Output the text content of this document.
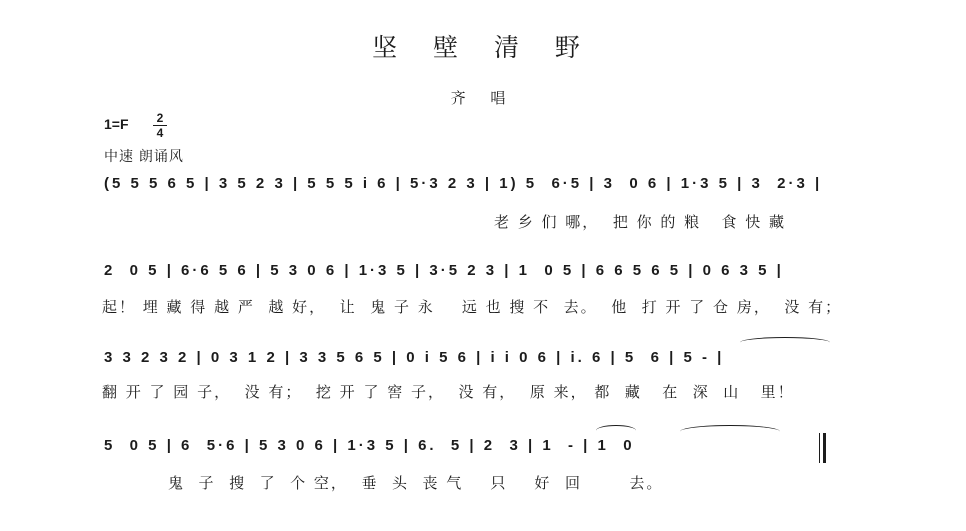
坚 壁 清 野
齐 唱
1=F	2
4
中速 朗诵风
(5 5 5 6 5 | 3 5 2 3 | 5 5 5 i 6 | 5·3 2 3 | 1) 5  6·5 | 3  0 6 | 1·3 5 | 3  2·3 |
老 乡 们 哪，  把 你 的 粮   食 快 藏
2  0 5 | 6·6 5 6 | 5 3 0 6 | 1·3 5 | 3·5 2 3 | 1  0 5 | 6 6 5 6 5 | 0 6 3 5 |
起！ 埋 藏 得 越 严  越 好，  让  鬼 子 永    远 也 搜 不  去。  他  打 开 了 仓 房，  没 有；
3 3 2 3 2 | 0 3 1 2 | 3 3 5 6 5 | 0 i 5 6 | i i 0 6 | i. 6 | 5  6 | 5 - |
翻 开 了 园 子，  没 有；  挖 开 了 窖 子，  没 有，  原 来， 都  藏   在  深  山   里！
5  0 5 | 6  5·6 | 5 3 0 6 | 1·3 5 | 6.  5 | 2  3 | 1  - | 1  0
鬼  子  搜  了  个 空，  垂  头  丧 气    只    好  回       去。
